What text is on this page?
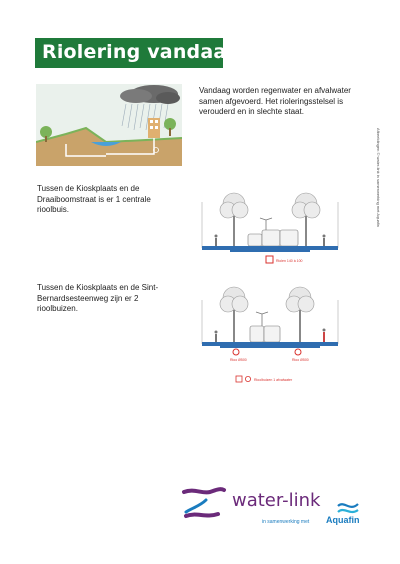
Riolering vandaag
Vandaag worden regenwater en afvalwater samen afgevoerd. Het rioleringsstelsel is verouderd en in slechte staat.
Afbeeldingen © water-link in samenwerking met Aquafin
Tussen de Kioskplaats en de Draaiboomstraat is er 1 centrale rioolbuis.
Riolen 140 à 100
Tussen de Kioskplaats en de Sint-Bernardsesteenweg zijn er 2 rioolbuizen.
Rioo Ø500	Rioo Ø500
Rioolbuizen 1 afvalwater
water-link
in samenwerking met Aquafin
